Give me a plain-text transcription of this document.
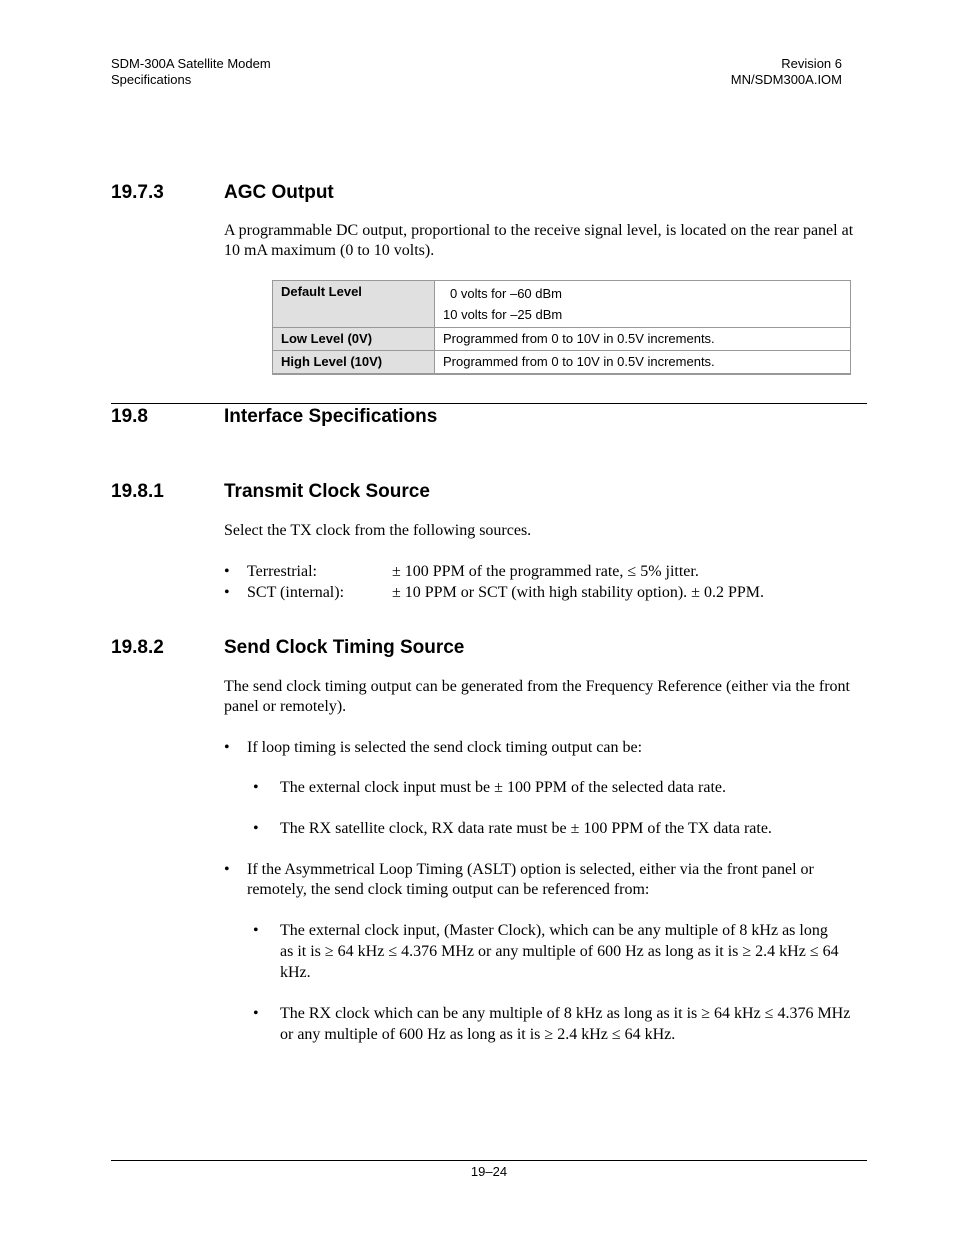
SDM-300A Satellite Modem
Specifications
Revision 6
MN/SDM300A.IOM
19.7.3	AGC Output
A programmable DC output, proportional to the receive signal level, is located on the rear panel at 10 mA maximum (0 to 10 volts).
Default Level	0 volts for –60 dBm
10 volts for –25 dBm

Low Level (0V)	Programmed from 0 to 10V in 0.5V increments.
High Level (10V)	Programmed from 0 to 10V in 0.5V increments.
19.8	Interface Specifications
19.8.1	Transmit Clock Source
Select the TX clock from the following sources.
• Terrestrial:	± 100 PPM of the programmed rate, ≤ 5% jitter.
• SCT (internal):	± 10 PPM or SCT (with high stability option). ± 0.2 PPM.
19.8.2	Send Clock Timing Source
The send clock timing output can be generated from the Frequency Reference (either via the front panel or remotely).
• If loop timing is selected the send clock timing output can be:
• The external clock input must be ± 100 PPM of the selected data rate.
• The RX satellite clock, RX data rate must be ± 100 PPM of the TX data rate.
• If the Asymmetrical Loop Timing (ASLT) option is selected, either via the front panel or remotely, the send clock timing output can be referenced from:
• The external clock input, (Master Clock), which can be any multiple of 8 kHz as long as it is ≥ 64 kHz ≤ 4.376 MHz or any multiple of 600 Hz as long as it is ≥ 2.4 kHz ≤ 64 kHz.
• The RX clock which can be any multiple of 8 kHz as long as it is ≥ 64 kHz ≤ 4.376 MHz or any multiple of 600 Hz as long as it is ≥ 2.4 kHz ≤ 64 kHz.
19–24
